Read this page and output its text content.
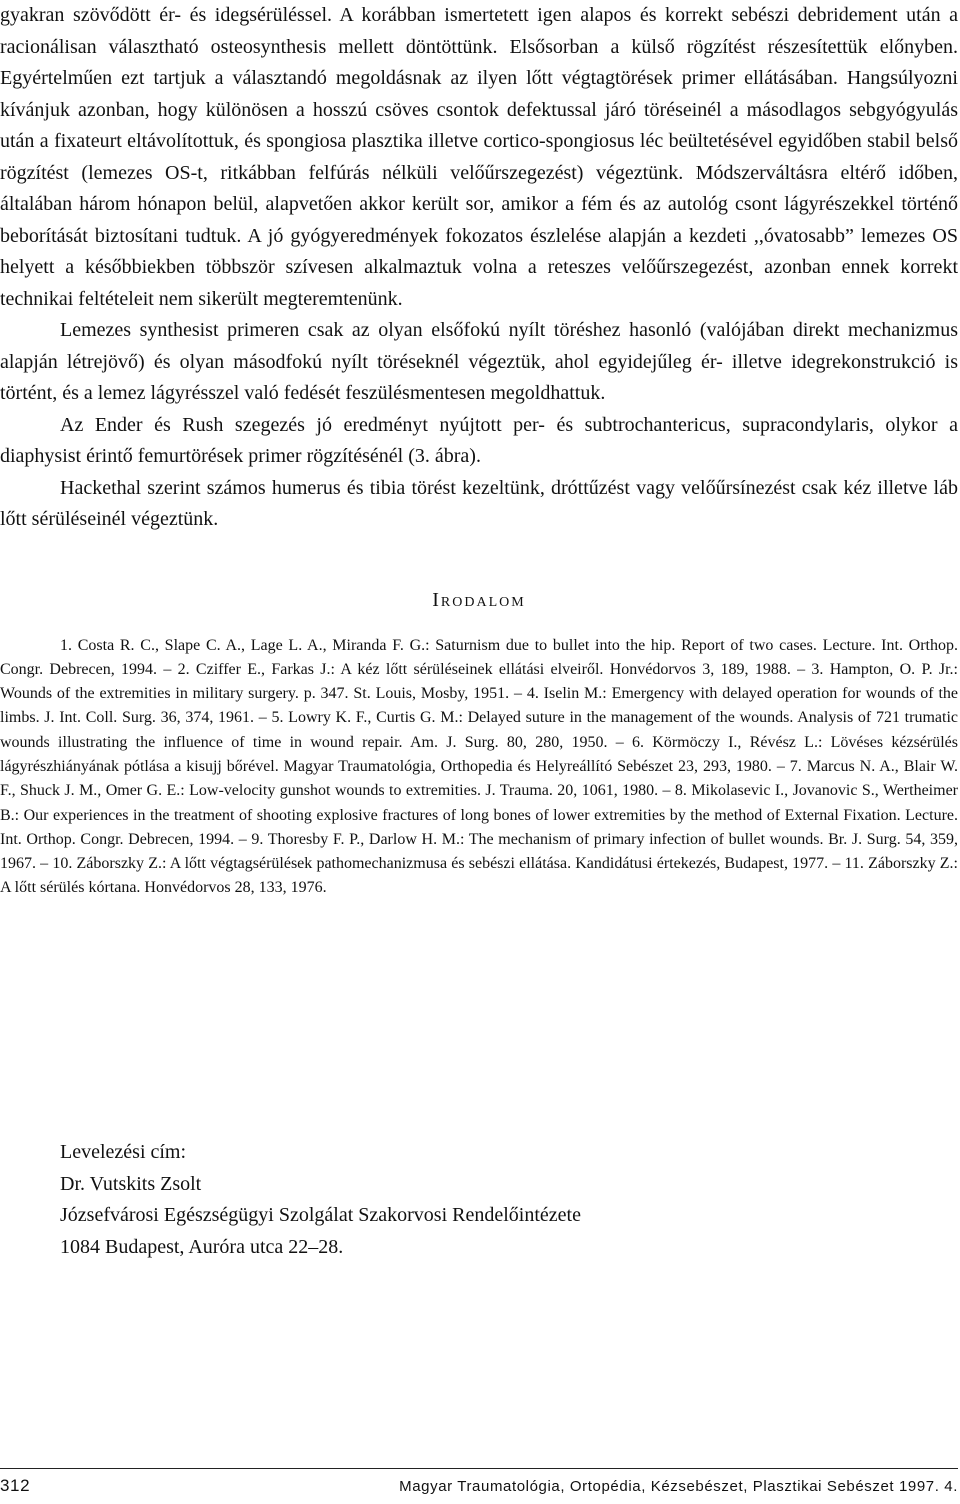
gyakran szövődött ér- és idegsérüléssel. A korábban ismertetett igen alapos és korrekt sebészi debridement után a racionálisan választható osteosynthesis mellett döntöttünk. Elsősorban a külső rögzítést részesítettük előnyben. Egyértelműen ezt tartjuk a választandó megoldásnak az ilyen lőtt végtagtörések primer ellátásában. Hangsúlyozni kívánjuk azonban, hogy különösen a hosszú csöves csontok defektussal járó töréseinél a másodlagos sebgyógyulás után a fixateurt eltávolítottuk, és spongiosa plasztika illetve cortico-spongiosus léc beültetésével egyidőben stabil belső rögzítést (lemezes OS-t, ritkábban felfúrás nélküli velőűrszegezést) végeztünk. Módszerváltásra eltérő időben, általában három hónapon belül, alapvetően akkor került sor, amikor a fém és az autológ csont lágyrészekkel történő beborítását biztosítani tudtuk. A jó gyógyeredmények fokozatos észlelése alapján a kezdeti ,,óvatosabb” lemezes OS helyett a későbbiekben többször szívesen alkalmaztuk volna a reteszes velőűrszegezést, azonban ennek korrekt technikai feltételeit nem sikerült megteremtenünk.

Lemezes synthesist primeren csak az olyan elsőfokú nyílt töréshez hasonló (valójában direkt mechanizmus alapján létrejövő) és olyan másodfokú nyílt töréseknél végeztük, ahol egyidejűleg ér- illetve idegrekonstrukció is történt, és a lemez lágyrésszel való fedését feszülésmentesen megoldhattuk.

Az Ender és Rush szegezés jó eredményt nyújtott per- és subtrochantericus, supracondylaris, olykor a diaphysist érintő femurtörések primer rögzítésénél (3. ábra).

Hackethal szerint számos humerus és tibia törést kezeltünk, dróttűzést vagy velőűrsínezést csak kéz illetve láb lőtt sérüléseinél végeztünk.

Irodalom

1. Costa R. C., Slape C. A., Lage L. A., Miranda F. G.: Saturnism due to bullet into the hip. Report of two cases. Lecture. Int. Orthop. Congr. Debrecen, 1994. – 2. Cziffer E., Farkas J.: A kéz lőtt sérüléseinek ellátási elveiről. Honvédorvos 3, 189, 1988. – 3. Hampton, O. P. Jr.: Wounds of the extremities in military surgery. p. 347. St. Louis, Mosby, 1951. – 4. Iselin M.: Emergency with delayed operation for wounds of the limbs. J. Int. Coll. Surg. 36, 374, 1961. – 5. Lowry K. F., Curtis G. M.: Delayed suture in the management of the wounds. Analysis of 721 trumatic wounds illustrating the influence of time in wound repair. Am. J. Surg. 80, 280, 1950. – 6. Körmöczy I., Révész L.: Lövéses kézsérülés lágyrészhiányának pótlása a kisujj bőrével. Magyar Traumatológia, Orthopedia és Helyreállító Sebészet 23, 293, 1980. – 7. Marcus N. A., Blair W. F., Shuck J. M., Omer G. E.: Low-velocity gunshot wounds to extremities. J. Trauma. 20, 1061, 1980. – 8. Mikolasevic I., Jovanovic S., Wertheimer B.: Our experiences in the treatment of shooting explosive fractures of long bones of lower extremities by the method of External Fixation. Lecture. Int. Orthop. Congr. Debrecen, 1994. – 9. Thoresby F. P., Darlow H. M.: The mechanism of primary infection of bullet wounds. Br. J. Surg. 54, 359, 1967. – 10. Záborszky Z.: A lőtt végtagsérülések pathomechanizmusa és sebészi ellátása. Kandidátusi értekezés, Budapest, 1977. – 11. Záborszky Z.: A lőtt sérülés kórtana. Honvédorvos 28, 133, 1976.

Levelezési cím:
Dr. Vutskits Zsolt
Józsefvárosi Egészségügyi Szolgálat Szakorvosi Rendelőintézete
1084 Budapest, Auróra utca 22–28.
312	Magyar Traumatológia, Ortopédia, Kézsebészet, Plasztikai Sebészet 1997. 4.
